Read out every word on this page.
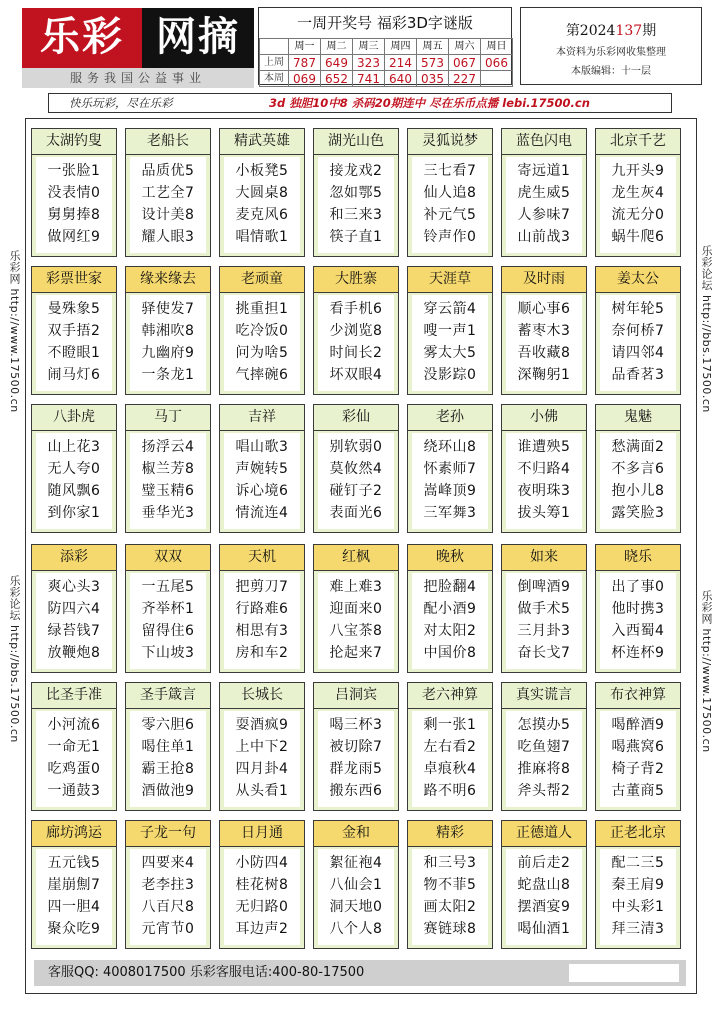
乐彩 网摘
服务我国公益事业
一周开奖号 福彩3D字谜版
	周一	周二	周三	周四	周五	周六	周日
上周	787	649	323	214	573	067	066
本周	069	652	741	640	035	227	
第2024137期
本资料为乐彩网收集整理
本版编辑：十一层
快乐玩彩，尽在乐彩	3d 独胆10中8 杀码20期连中 尽在乐币点播 lebi.17500.cn
太湖钓叟
一张脸1
没表情0
舅舅捧8
做网红9
老船长
品质优5
工艺全7
设计美8
耀人眼3
精武英雄
小板凳5
大圆桌8
麦克风6
唱情歌1
湖光山色
接龙戏2
忽如鄂5
和三来3
筷子直1
灵狐说梦
三七看7
仙人追8
补元气5
铃声作0
蓝色闪电
寄远道1
虎生威5
人参味7
山前战3
北京千艺
九开头9
龙生灰4
流无分0
蜗牛爬6
彩票世家
曼殊象5
双手捂2
不瞪眼1
闹马灯6
缘来缘去
驿使发7
韩湘吹8
九幽府9
一条龙1
老顽童
挑重担1
吃冷饭0
问为啥5
气摔碗6
大胜寨
看手机6
少浏览8
时间长2
坏双眼4
天涯草
穿云箭4
嗖一声1
雾太大5
没影踪0
及时雨
顺心事6
蓄枣木3
吾收藏8
深鞠躬1
姜太公
树年轮5
奈何桥7
请四邻4
品香茗3
八卦虎
山上花3
无人夸0
随风飘6
到你家1
马丁
扬浮云4
椒兰芳8
璧玉精6
垂华光3
吉祥
唱山歌3
声婉转5
诉心境6
情流连4
彩仙
别软弱0
莫攸然4
碰钉子2
表面光6
老孙
绕环山8
怀素师7
嵩峰顶9
三军舞3
小佛
谁遭殃5
不归路4
夜明珠3
拔头筹1
鬼魅
愁满面2
不多言6
抱小儿8
露笑脸3
添彩
爽心头3
防四六4
绿苔钱7
放鞭炮8
双双
一五尾5
齐举杯1
留得住6
下山坡3
天机
把剪刀7
行路难6
相思有3
房和车2
红枫
难上难3
迎面来0
八宝茶8
抡起来7
晚秋
把脸翻4
配小酒9
对太阳2
中国价8
如来
倒啤酒9
做手术5
三月卦3
奋长戈7
晓乐
出了事0
他时携3
入西蜀4
杯连杯9
比圣手准
小河流6
一命无1
吃鸡蛋0
一通鼓3
圣手箴言
零六胆6
喝住单1
霸王抢8
酒做池9
长城长
耍酒疯9
上中下2
四月卦4
从头看1
吕洞宾
喝三杯3
被切除7
群龙雨5
搬东西6
老六神算
剩一张1
左右看2
卓痕秋4
路不明6
真实谎言
怎摸办5
吃鱼翅7
推麻将8
斧头帮2
布衣神算
喝醉酒9
喝燕窝6
椅子背2
古董商5
廊坊鸿运
五元钱5
崖崩劁7
四一胆4
聚众吃9
子龙一句
四要来4
老李拄3
八百尺8
元宵节0
日月通
小防四4
桂花树8
无归路0
耳边声2
金和
絮征袍4
八仙会1
洞天地0
八个人8
精彩
和三号3
物不菲5
画太阳2
赛链球8
正德道人
前后走2
蛇盘山8
摆酒宴9
喝仙酒1
正老北京
配二三5
秦王肩9
中头彩1
拜三清3
乐彩网 http://www.17500.cn
乐彩论坛 http://bbs.17500.cn
乐彩论坛 http://bbs.17500.cn
乐彩网 http://www.17500.cn
客服QQ: 4008017500 乐彩客服电话:400-80-17500
